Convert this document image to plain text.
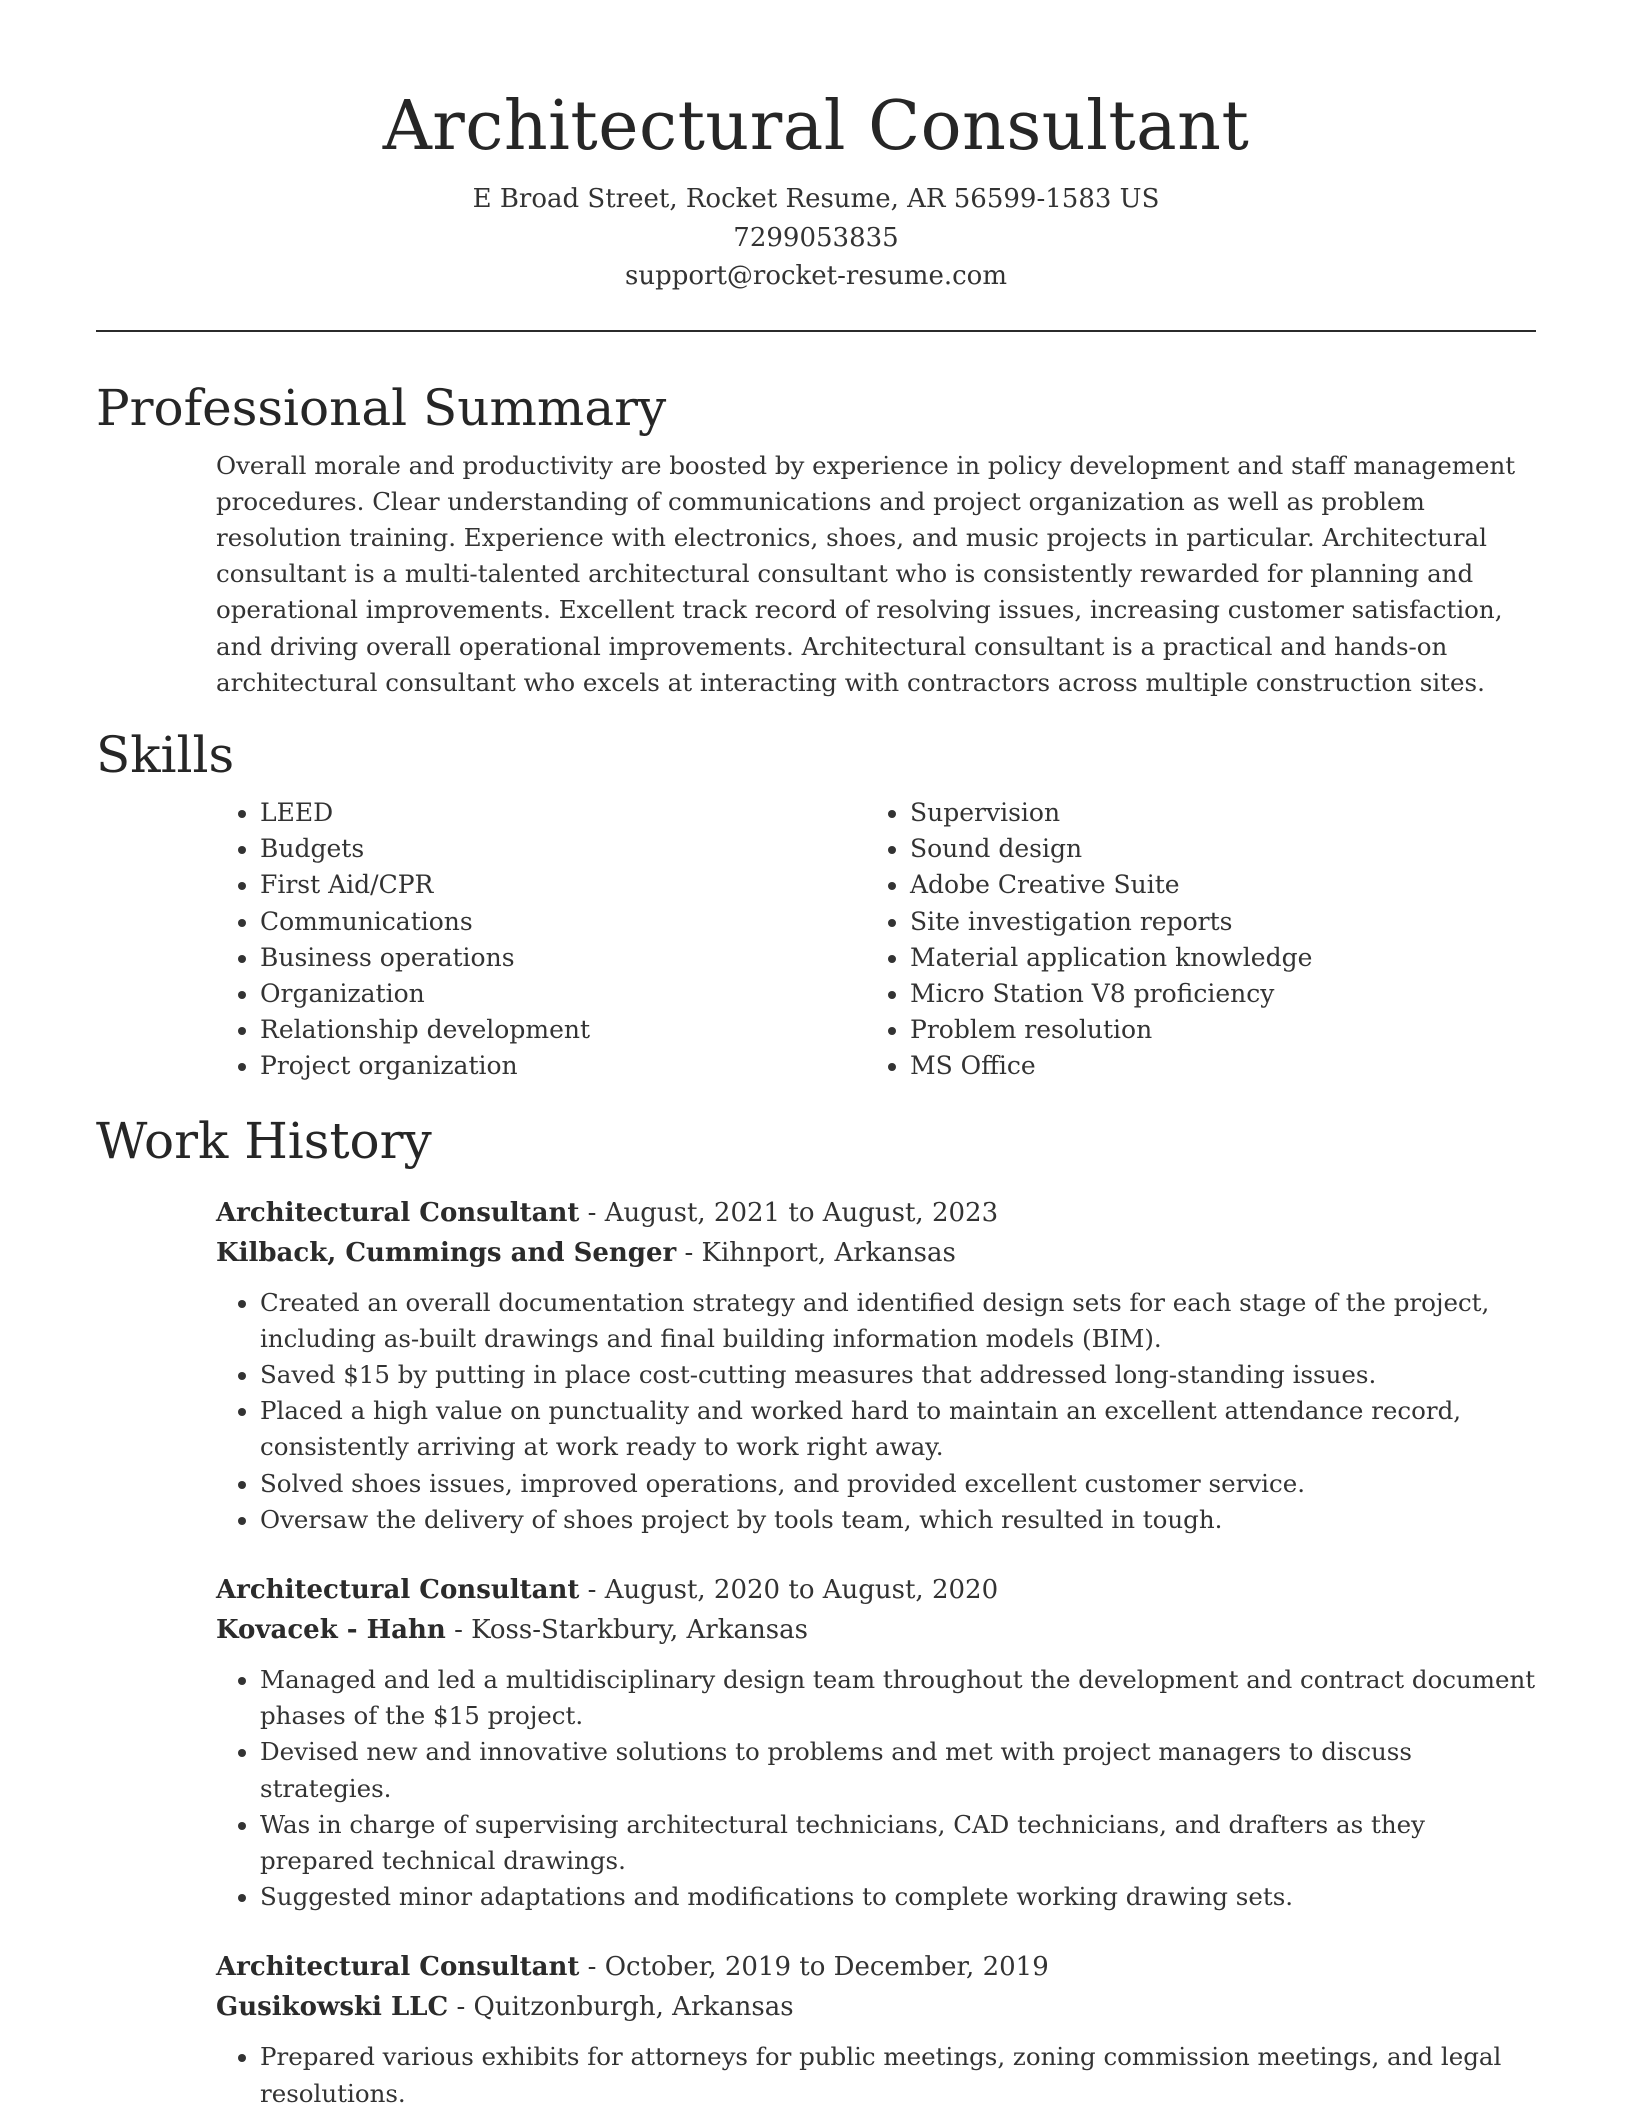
Architectural Consultant
E Broad Street, Rocket Resume, AR 56599-1583 US
7299053835
support@rocket-resume.com
Professional Summary

Overall morale and productivity are boosted by experience in policy development and staff management procedures. Clear understanding of communications and project organization as well as problem resolution training. Experience with electronics, shoes, and music projects in particular. Architectural consultant is a multi-talented architectural consultant who is consistently rewarded for planning and operational improvements. Excellent track record of resolving issues, increasing customer satisfaction, and driving overall operational improvements. Architectural consultant is a practical and hands-on architectural consultant who excels at interacting with contractors across multiple construction sites.

Skills
• LEED
• Budgets
• First Aid/CPR
• Communications
• Business operations
• Organization
• Relationship development
• Project organization
• Supervision
• Sound design
• Adobe Creative Suite
• Site investigation reports
• Material application knowledge
• Micro Station V8 proficiency
• Problem resolution
• MS Office
Work History
Architectural Consultant - August, 2021 to August, 2023
Kilback, Cummings and Senger - Kihnport, Arkansas
• Created an overall documentation strategy and identified design sets for each stage of the project, including as-built drawings and final building information models (BIM).
• Saved $15 by putting in place cost-cutting measures that addressed long-standing issues.
• Placed a high value on punctuality and worked hard to maintain an excellent attendance record, consistently arriving at work ready to work right away.
• Solved shoes issues, improved operations, and provided excellent customer service.
• Oversaw the delivery of shoes project by tools team, which resulted in tough.
Architectural Consultant - August, 2020 to August, 2020
Kovacek - Hahn - Koss-Starkbury, Arkansas
• Managed and led a multidisciplinary design team throughout the development and contract document phases of the $15 project.
• Devised new and innovative solutions to problems and met with project managers to discuss strategies.
• Was in charge of supervising architectural technicians, CAD technicians, and drafters as they prepared technical drawings.
• Suggested minor adaptations and modifications to complete working drawing sets.
Architectural Consultant - October, 2019 to December, 2019
Gusikowski LLC - Quitzonburgh, Arkansas
• Prepared various exhibits for attorneys for public meetings, zoning commission meetings, and legal resolutions.
